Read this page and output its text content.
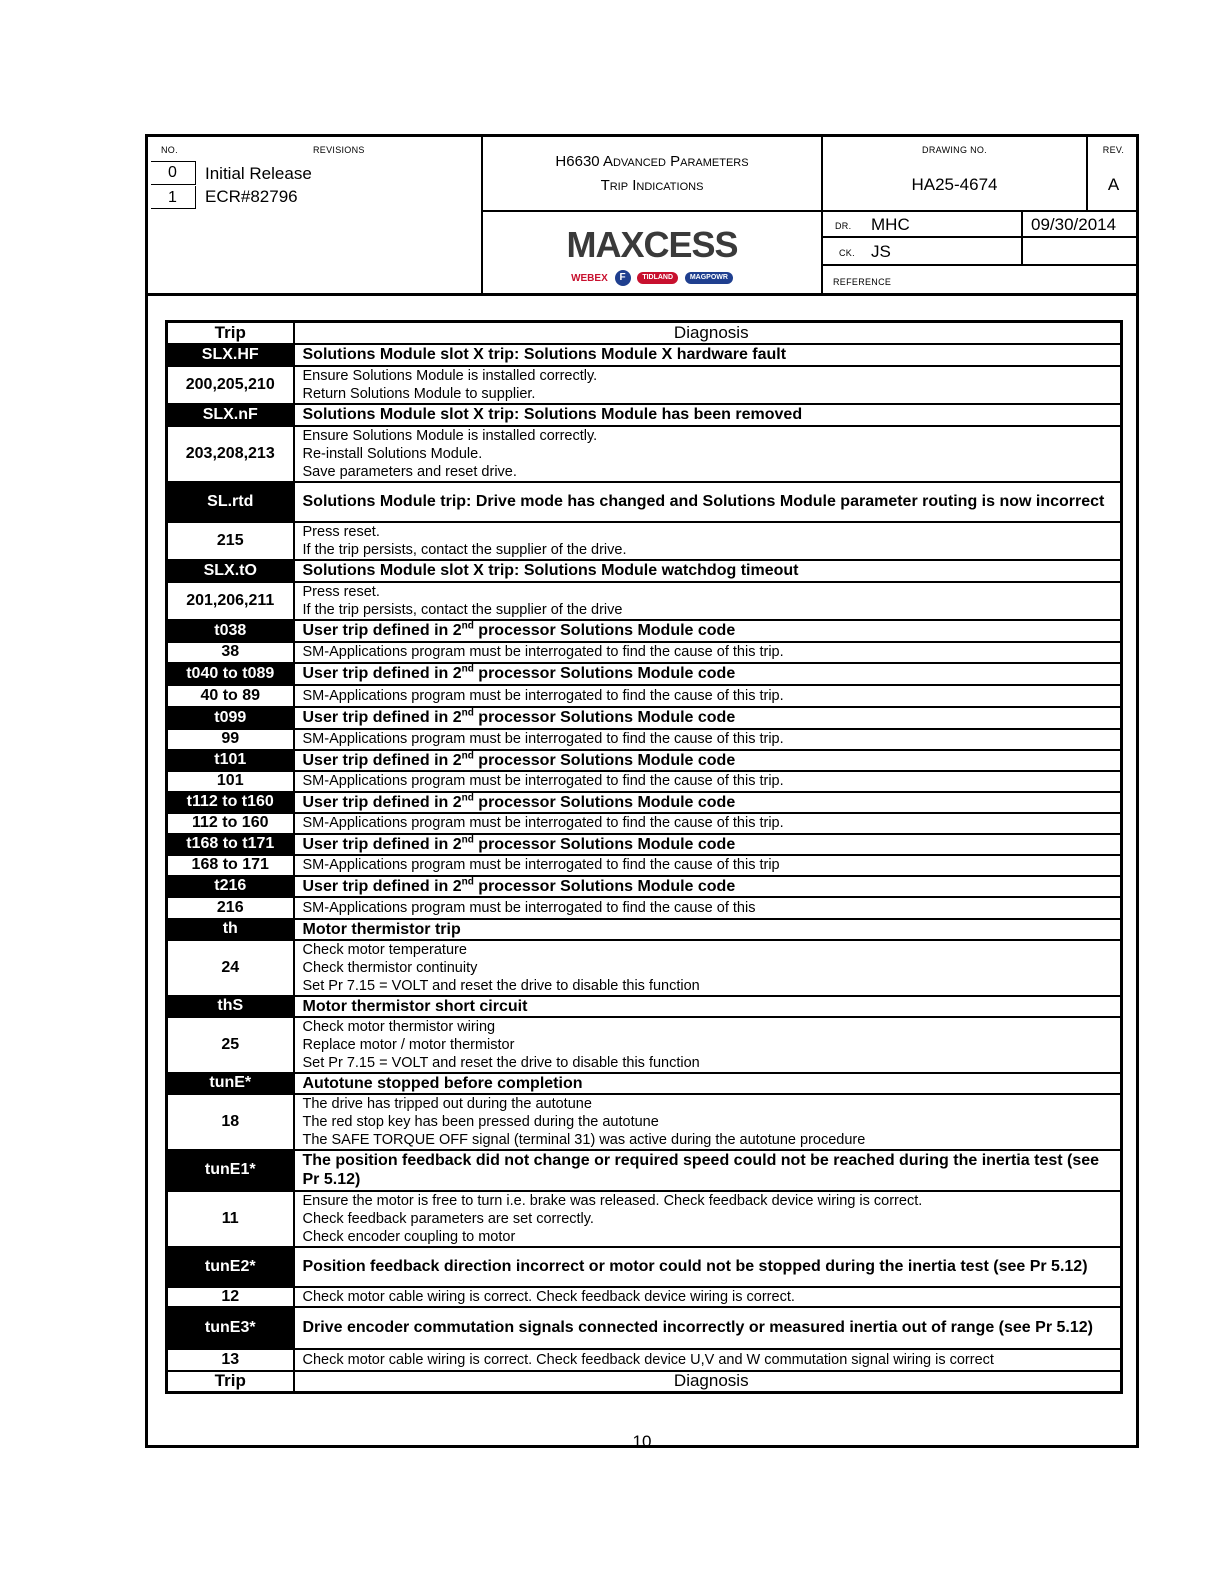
NO.	REVISIONS
0 Initial Release
1 ECR#82796
H6630 Advanced Parameters
Trip Indications
MAXCESS
WEBEX F TIDLAND MAGPOWR
DRAWING NO.
HA25-4674
REV.
A
DR. MHC	09/30/2014
CK. JS
REFERENCE
Trip	Diagnosis
SLX.HF	Solutions Module slot X trip: Solutions Module X hardware fault
200,205,210	Ensure Solutions Module is installed correctly.
Return Solutions Module to supplier.

SLX.nF	Solutions Module slot X trip: Solutions Module has been removed
203,208,213	Ensure Solutions Module is installed correctly.
Re-install Solutions Module.
Save parameters and reset drive.

SL.rtd	Solutions Module trip: Drive mode has changed and Solutions Module parameter routing is now incorrect
215	Press reset.
If the trip persists, contact the supplier of the drive.

SLX.tO	Solutions Module slot X trip: Solutions Module watchdog timeout
201,206,211	Press reset.
If the trip persists, contact the supplier of the drive

t038	User trip defined in 2nd processor Solutions Module code
38	SM-Applications program must be interrogated to find the cause of this trip.

t040 to t089	User trip defined in 2nd processor Solutions Module code
40 to 89	SM-Applications program must be interrogated to find the cause of this trip.

t099	User trip defined in 2nd processor Solutions Module code
99	SM-Applications program must be interrogated to find the cause of this trip.

t101	User trip defined in 2nd processor Solutions Module code
101	SM-Applications program must be interrogated to find the cause of this trip.

t112 to t160	User trip defined in 2nd processor Solutions Module code
112 to 160	SM-Applications program must be interrogated to find the cause of this trip.

t168 to t171	User trip defined in 2nd processor Solutions Module code
168 to 171	SM-Applications program must be interrogated to find the cause of this trip

t216	User trip defined in 2nd processor Solutions Module code
216	SM-Applications program must be interrogated to find the cause of this

th	Motor thermistor trip
24	Check motor temperature
Check thermistor continuity
Set Pr 7.15 = VOLT and reset the drive to disable this function

thS	Motor thermistor short circuit
25	Check motor thermistor wiring
Replace motor / motor thermistor
Set Pr 7.15 = VOLT and reset the drive to disable this function

tunE*	Autotune stopped before completion
18	The drive has tripped out during the autotune
The red stop key has been pressed during the autotune
The SAFE TORQUE OFF signal (terminal 31) was active during the autotune procedure

tunE1*	The position feedback did not change or required speed could not be reached during the inertia test (see Pr 5.12)
11	Ensure the motor is free to turn i.e. brake was released. Check feedback device wiring is correct.
Check feedback parameters are set correctly.
Check encoder coupling to motor

tunE2*	Position feedback direction incorrect or motor could not be stopped during the inertia test (see Pr 5.12)
12	Check motor cable wiring is correct. Check feedback device wiring is correct.

tunE3*	Drive encoder commutation signals connected incorrectly or measured inertia out of range (see Pr 5.12)
13	Check motor cable wiring is correct. Check feedback device U,V and W commutation signal wiring is correct

Trip	Diagnosis
10
